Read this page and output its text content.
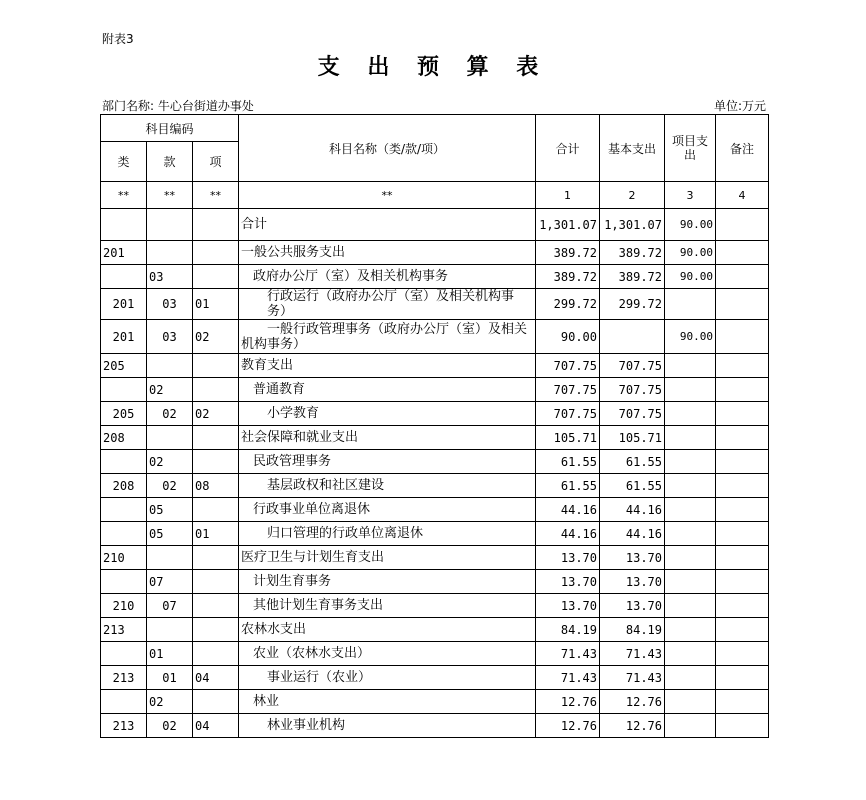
附表3
支 出 预 算 表
部门名称: 牛心台街道办事处	单位:万元
科目编码			科目名称（类/款/项）	合计	基本支出	项目支出	备注
类	款	项					
**	**	**	**	1	2	3	4
			合计	1,301.07	1,301.07	90.00	
201			一般公共服务支出	389.72	389.72	90.00	
	03		政府办公厅（室）及相关机构事务	389.72	389.72	90.00	
201	03	01	行政运行（政府办公厅（室）及相关机构事务）	299.72	299.72		
201	03	02	一般行政管理事务（政府办公厅（室）及相关机构事务）	90.00		90.00	
205			教育支出	707.75	707.75		
	02		普通教育	707.75	707.75		
205	02	02	小学教育	707.75	707.75		
208			社会保障和就业支出	105.71	105.71		
	02		民政管理事务	61.55	61.55		
208	02	08	基层政权和社区建设	61.55	61.55		
	05		行政事业单位离退休	44.16	44.16		
	05	01	归口管理的行政单位离退休	44.16	44.16		
210			医疗卫生与计划生育支出	13.70	13.70		
	07		计划生育事务	13.70	13.70		
210	07		其他计划生育事务支出	13.70	13.70		
213			农林水支出	84.19	84.19		
	01		农业（农林水支出）	71.43	71.43		
213	01	04	事业运行（农业）	71.43	71.43		
	02		林业	12.76	12.76		
213	02	04	林业事业机构	12.76	12.76		
